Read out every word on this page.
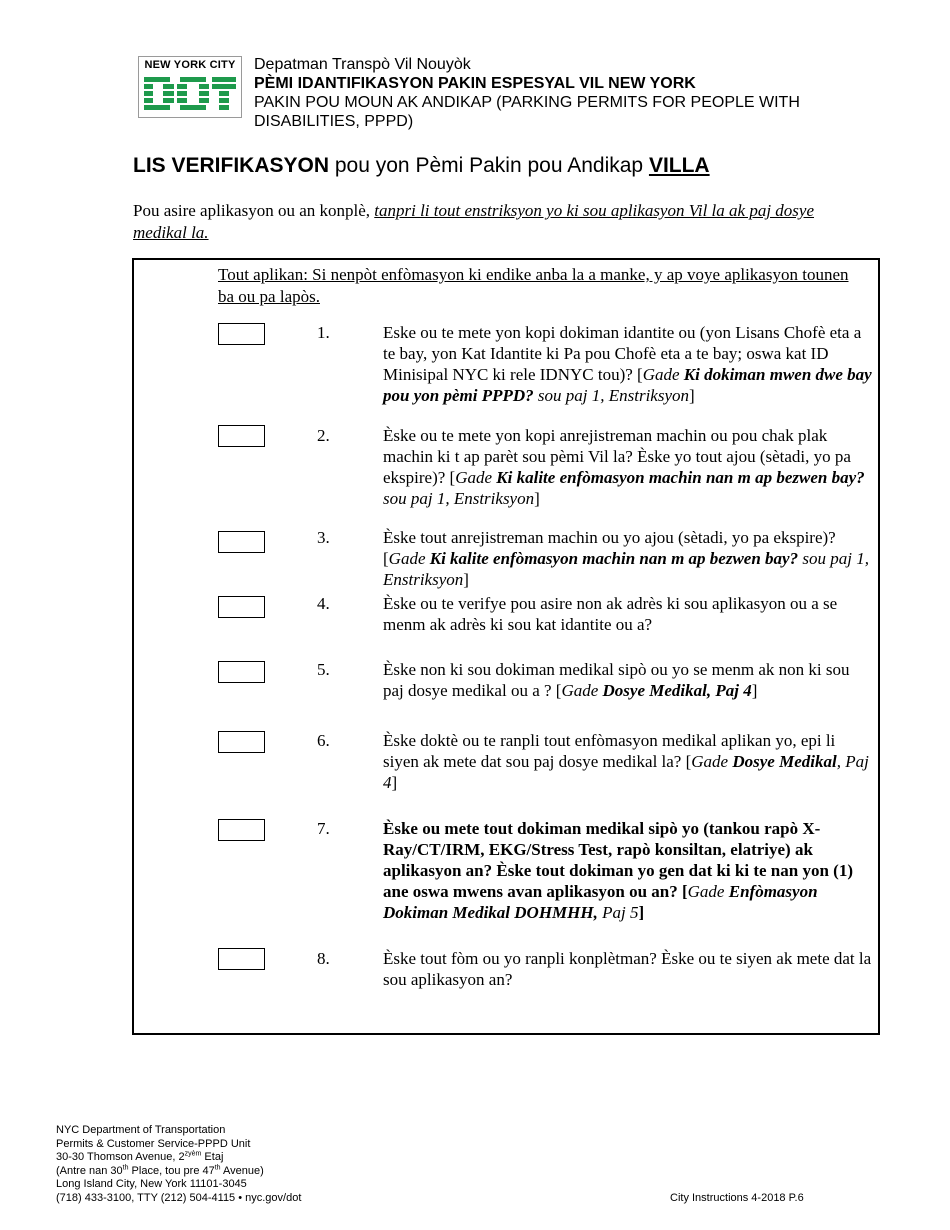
NEW YORK CITY	Depatman Transpò Vil Nouyòk
PÈMI IDANTIFIKASYON PAKIN ESPESYAL VIL NEW YORK
PAKIN POU MOUN AK ANDIKAP (PARKING PERMITS FOR PEOPLE WITH DISABILITIES, PPPD)
LIS VERIFIKASYON pou yon Pèmi Pakin pou Andikap VILLA
Pou asire aplikasyon ou an konplè, tanpri li tout enstriksyon yo ki sou aplikasyon Vil la ak paj dosye medikal la.
Tout aplikan: Si nenpòt enfòmasyon ki endike anba la a manke, y ap voye aplikasyon tounen ba ou pa lapòs.
1.	Eske ou te mete yon kopi dokiman idantite ou (yon Lisans Chofè eta a te bay, yon Kat Idantite ki Pa pou Chofè eta a te bay; oswa kat ID Minisipal NYC ki rele IDNYC tou)? [Gade Ki dokiman mwen dwe bay pou yon pèmi PPPD? sou paj 1, Enstriksyon]
2.	Èske ou te mete yon kopi anrejistreman machin ou pou chak plak machin ki t ap parèt sou pèmi Vil la? Èske yo tout ajou (sètadi, yo pa ekspire)? [Gade Ki kalite enfòmasyon machin nan m ap bezwen bay? sou paj 1, Enstriksyon]
3.	Èske tout anrejistreman machin ou yo ajou (sètadi, yo pa ekspire)? [Gade Ki kalite enfòmasyon machin nan m ap bezwen bay? sou paj 1, Enstriksyon]
4.	Èske ou te verifye pou asire non ak adrès ki sou aplikasyon ou a se menm ak adrès ki sou kat idantite ou a?
5.	Èske non ki sou dokiman medikal sipò ou yo se menm ak non ki sou paj dosye medikal ou a ? [Gade Dosye Medikal, Paj 4]
6.	Èske doktè ou te ranpli tout enfòmasyon medikal aplikan yo, epi li siyen ak mete dat sou paj dosye medikal la? [Gade Dosye Medikal, Paj 4]
7.	Èske ou mete tout dokiman medikal sipò yo (tankou rapò X-Ray/CT/IRM, EKG/Stress Test, rapò konsiltan, elatriye) ak aplikasyon an? Èske tout dokiman yo gen dat ki ki te nan yon (1) ane oswa mwens avan aplikasyon ou an? [Gade Enfòmasyon Dokiman Medikal DOHMHH, Paj 5]
8.	Èske tout fòm ou yo ranpli konplètman? Èske ou te siyen ak mete dat la sou aplikasyon an?
NYC Department of Transportation
Permits & Customer Service-PPPD Unit
30-30 Thomson Avenue, $2^{zyèm}$ Etaj
(Antre nan 30th Place, tou pre 47th Avenue)
Long Island City, New York 11101-3045
(718) 433-3100, TTY (212) 504-4115 • nyc.gov/dot	City Instructions 4-2018 P.6
